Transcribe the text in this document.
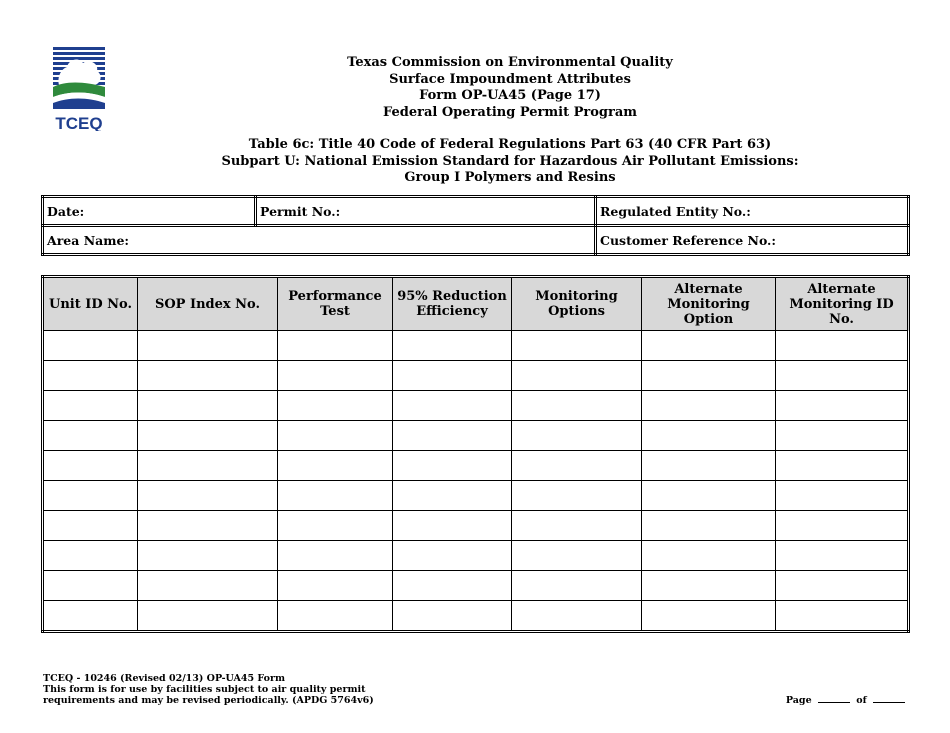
TCEQ
Texas Commission on Environmental Quality
Surface Impoundment Attributes
Form OP-UA45 (Page 17)
Federal Operating Permit Program
Table 6c: Title 40 Code of Federal Regulations Part 63 (40 CFR Part 63)
Subpart U: National Emission Standard for Hazardous Air Pollutant Emissions:
Group I Polymers and Resins
Date:	Permit No.:	Regulated Entity No.:
Area Name:		Customer Reference No.:
Unit ID No.	SOP Index No.	Performance Test	95% Reduction Efficiency	Monitoring Options	Alternate Monitoring Option	Alternate Monitoring ID No.

TCEQ - 10246 (Revised 02/13) OP-UA45 Form
This form is for use by facilities subject to air quality permit
requirements and may be revised periodically. (APDG 5764v6)	Page	of
